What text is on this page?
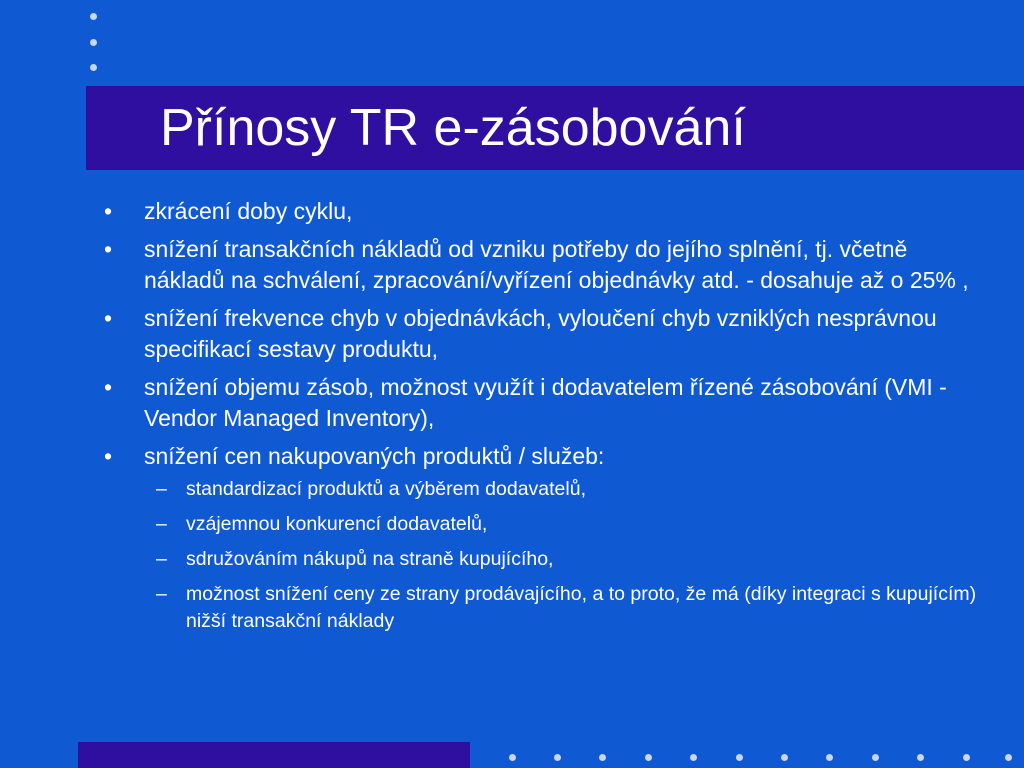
Přínosy TR e-zásobování
•	zkrácení doby cyklu,
•	snížení transakčních nákladů od vzniku potřeby do jejího splnění, tj. včetně nákladů na schválení, zpracování/vyřízení objednávky atd. - dosahuje až o 25% ,
•	snížení frekvence chyb v objednávkách, vyloučení chyb vzniklých nesprávnou specifikací sestavy produktu,
•	snížení objemu zásob, možnost využít i dodavatelem řízené zásobování (VMI - Vendor Managed Inventory),
•	snížení cen nakupovaných produktů / služeb:
– standardizací produktů a výběrem dodavatelů,
– vzájemnou konkurencí dodavatelů,
– sdružováním nákupů na straně kupujícího,
– možnost snížení ceny ze strany prodávajícího, a to proto, že má (díky integraci s kupujícím) nižší transakční náklady
